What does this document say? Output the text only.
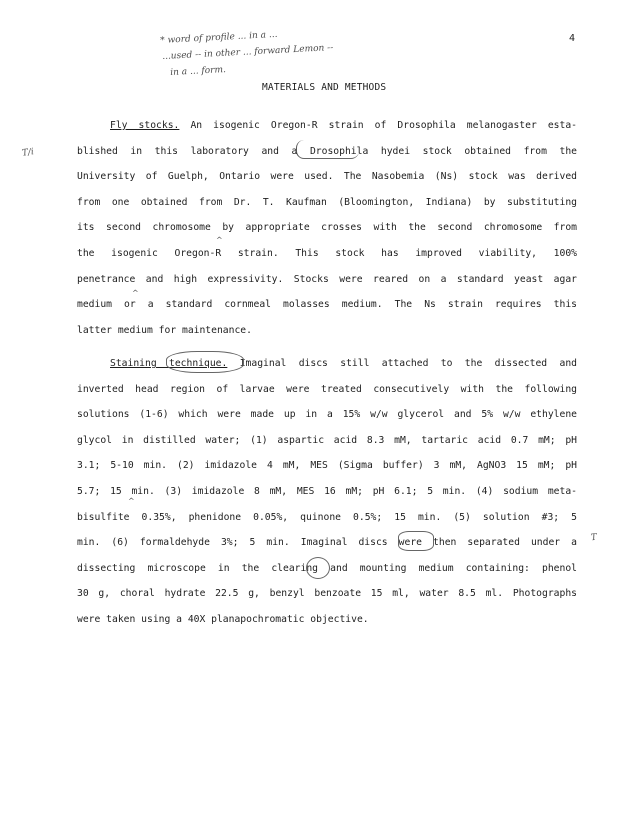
4
* word of profile ... in a ...
...used -- in other ... forward Lemon --
in a ... form.
MATERIALS AND METHODS
T/i
T
Fly stocks. An isogenic Oregon-R strain of Drosophila melanogaster esta-
blished in this laboratory and a Drosophila hydei stock obtained from the
University of Guelph, Ontario were used. The Nasobemia (Ns) stock was derived
from one obtained from Dr. T. Kaufman (Bloomington, Indiana) by substituting
its second chromosome by appropriate crosses with the second chromosome from
the isogenic Oregon-R strain. This stock has improved viability, 100%
penetrance and high expressivity. Stocks were reared on a standard yeast agar
medium or a standard cornmeal molasses medium. The Ns strain requires this
latter medium for maintenance.
Staining technique. Imaginal discs still attached to the dissected and
inverted head region of larvae were treated consecutively with the following
solutions (1-6) which were made up in a 15% w/w glycerol and 5% w/w ethylene
glycol in distilled water; (1) aspartic acid 8.3 mM, tartaric acid 0.7 mM; pH
3.1; 5-10 min. (2) imidazole 4 mM, MES (Sigma buffer) 3 mM, AgNO3 15 mM; pH
5.7; 15 min. (3) imidazole 8 mM, MES 16 mM; pH 6.1; 5 min. (4) sodium meta-
bisulfite 0.35%, phenidone 0.05%, quinone 0.5%; 15 min. (5) solution #3; 5
min. (6) formaldehyde 3%; 5 min. Imaginal discs were then separated under a
dissecting microscope in the clearing and mounting medium containing: phenol
30 g, choral hydrate 22.5 g, benzyl benzoate 15 ml, water 8.5 ml. Photographs
were taken using a 40X planapochromatic objective.
^
^
^
